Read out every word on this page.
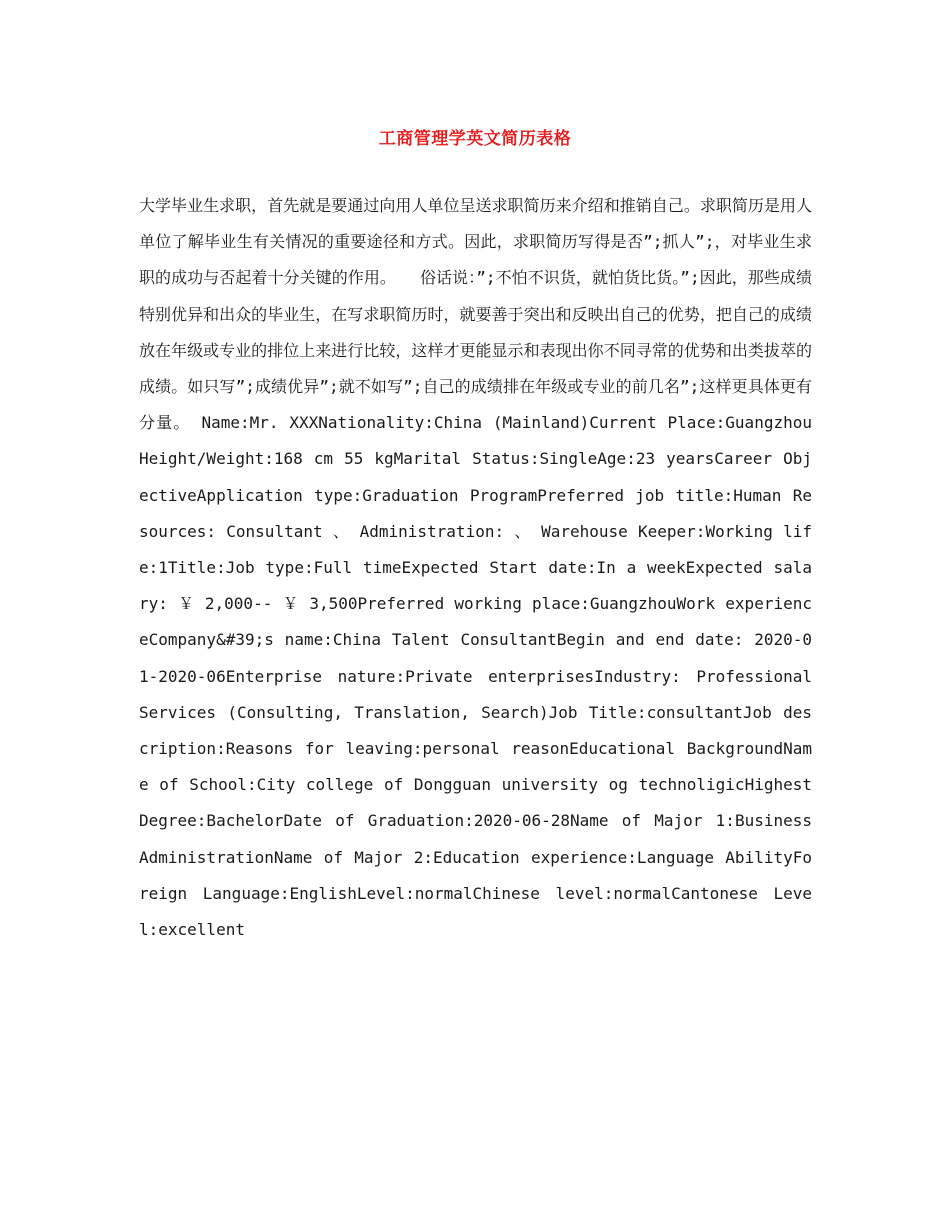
工商管理学英文简历表格
大学毕业生求职，首先就是要通过向用人单位呈送求职简历来介绍和推销自己。求职简历是用人单位了解毕业生有关情况的重要途径和方式。因此，求职简历写得是否”;抓人”;，对毕业生求职的成功与否起着十分关键的作用。　　俗话说：”;不怕不识货，就怕货比货。”;因此，那些成绩特别优异和出众的毕业生，在写求职简历时，就要善于突出和反映出自己的优势，把自己的成绩放在年级或专业的排位上来进行比较，这样才更能显示和表现出你不同寻常的优势和出类拔萃的成绩。如只写”;成绩优异”;就不如写”;自己的成绩排在年级或专业的前几名”;这样更具体更有分量。 Name:Mr. XXXNationality:China (Mainland)Current Place:GuangzhouHeight/Weight:168 cm 55 kgMarital Status:SingleAge:23 yearsCareer ObjectiveApplication type:Graduation ProgramPreferred job title:Human Resources: Consultant 、 Administration: 、 Warehouse Keeper:Working life:1Title:Job type:Full timeExpected Start date:In a weekExpected salary: ￥ 2,000-- ￥ 3,500Preferred working place:GuangzhouWork experienceCompany&#39;s name:China Talent ConsultantBegin and end date: 2020-01-2020-06Enterprise nature:Private enterprisesIndustry: Professional Services (Consulting, Translation, Search)Job Title:consultantJob description:Reasons for leaving:personal reasonEducational BackgroundName of School:City college of Dongguan university og technoligicHighest Degree:BachelorDate of Graduation:2020-06-28Name of Major 1:Business AdministrationName of Major 2:Education experience:Language AbilityForeign Language:EnglishLevel:normalChinese level:normalCantonese Level:excellent
